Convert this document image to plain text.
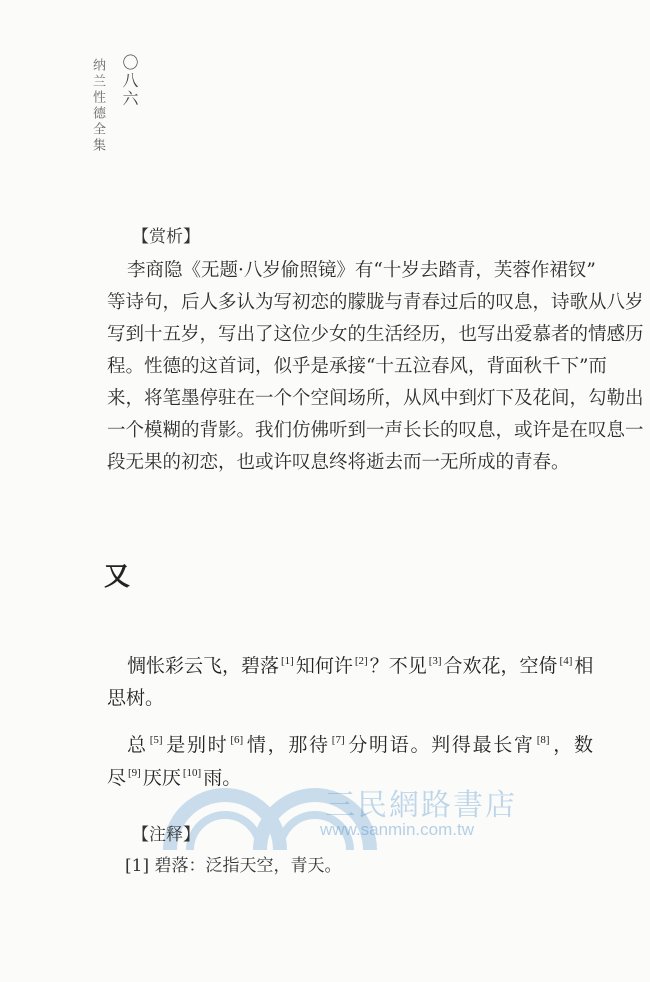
〇八六
纳兰性德全集
【赏析】
李商隐《无题·八岁偷照镜》有“十岁去踏青，芙蓉作裙钗”
等诗句，后人多认为写初恋的朦胧与青春过后的叹息，诗歌从八岁
写到十五岁，写出了这位少女的生活经历，也写出爱慕者的情感历
程。性德的这首词，似乎是承接“十五泣春风，背面秋千下”而
来，将笔墨停驻在一个个空间场所，从风中到灯下及花间，勾勒出
一个模糊的背影。我们仿佛听到一声长长的叹息，或许是在叹息一
段无果的初恋，也或许叹息终将逝去而一无所成的青春。
又
惆怅彩云飞，碧落 [1] 知何许 [2] ？不见 [3] 合欢花，空倚 [4] 相
思树。
总 [5] 是别时 [6] 情，那待 [7] 分明语。判得最长宵 [8] ，数
尽 [9] 厌厌 [10] 雨。
三民網路書店
www.sanmin.com.tw
【注释】
[1] 碧落：泛指天空，青天。
